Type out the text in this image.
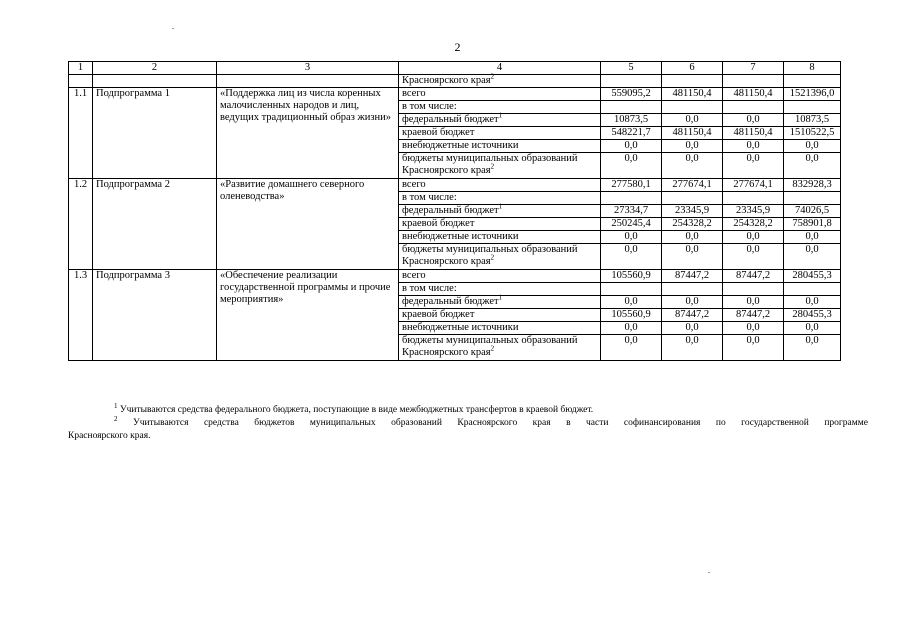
2
1	2	3	4	5	6	7	8
			Красноярского края$^2$				
1.1	Подпрограмма 1	«Поддержка лиц из числа коренных малочисленных народов и лиц, ведущих традиционный образ жизни»	всего	559095,2	481150,4	481150,4	1521396,0
			в том числе:				
			федеральный бюджет$^1$	10873,5	0,0	0,0	10873,5
			краевой бюджет	548221,7	481150,4	481150,4	1510522,5
			внебюджетные источники	0,0	0,0	0,0	0,0
			бюджеты муниципальных образований Красноярского края$^2$	0,0	0,0	0,0	0,0
1.2	Подпрограмма 2	«Развитие домашнего северного оленеводства»	всего	277580,1	277674,1	277674,1	832928,3
			в том числе:				
			федеральный бюджет$^1$	27334,7	23345,9	23345,9	74026,5
			краевой бюджет	250245,4	254328,2	254328,2	758901,8
			внебюджетные источники	0,0	0,0	0,0	0,0
			бюджеты муниципальных образований Красноярского края$^2$	0,0	0,0	0,0	0,0
1.3	Подпрограмма 3	«Обеспечение реализации государственной программы и прочие мероприятия»	всего	105560,9	87447,2	87447,2	280455,3
			в том числе:				
			федеральный бюджет$^1$	0,0	0,0	0,0	0,0
			краевой бюджет	105560,9	87447,2	87447,2	280455,3
			внебюджетные источники	0,0	0,0	0,0	0,0
			бюджеты муниципальных образований Красноярского края$^2$	0,0	0,0	0,0	0,0

$^1$ Учитываются средства федерального бюджета, поступающие в виде межбюджетных трансфертов в краевой бюджет.

$^2$ Учитываются средства бюджетов муниципальных образований Красноярского края в части софинансирования по государственной программе

Красноярского края.
